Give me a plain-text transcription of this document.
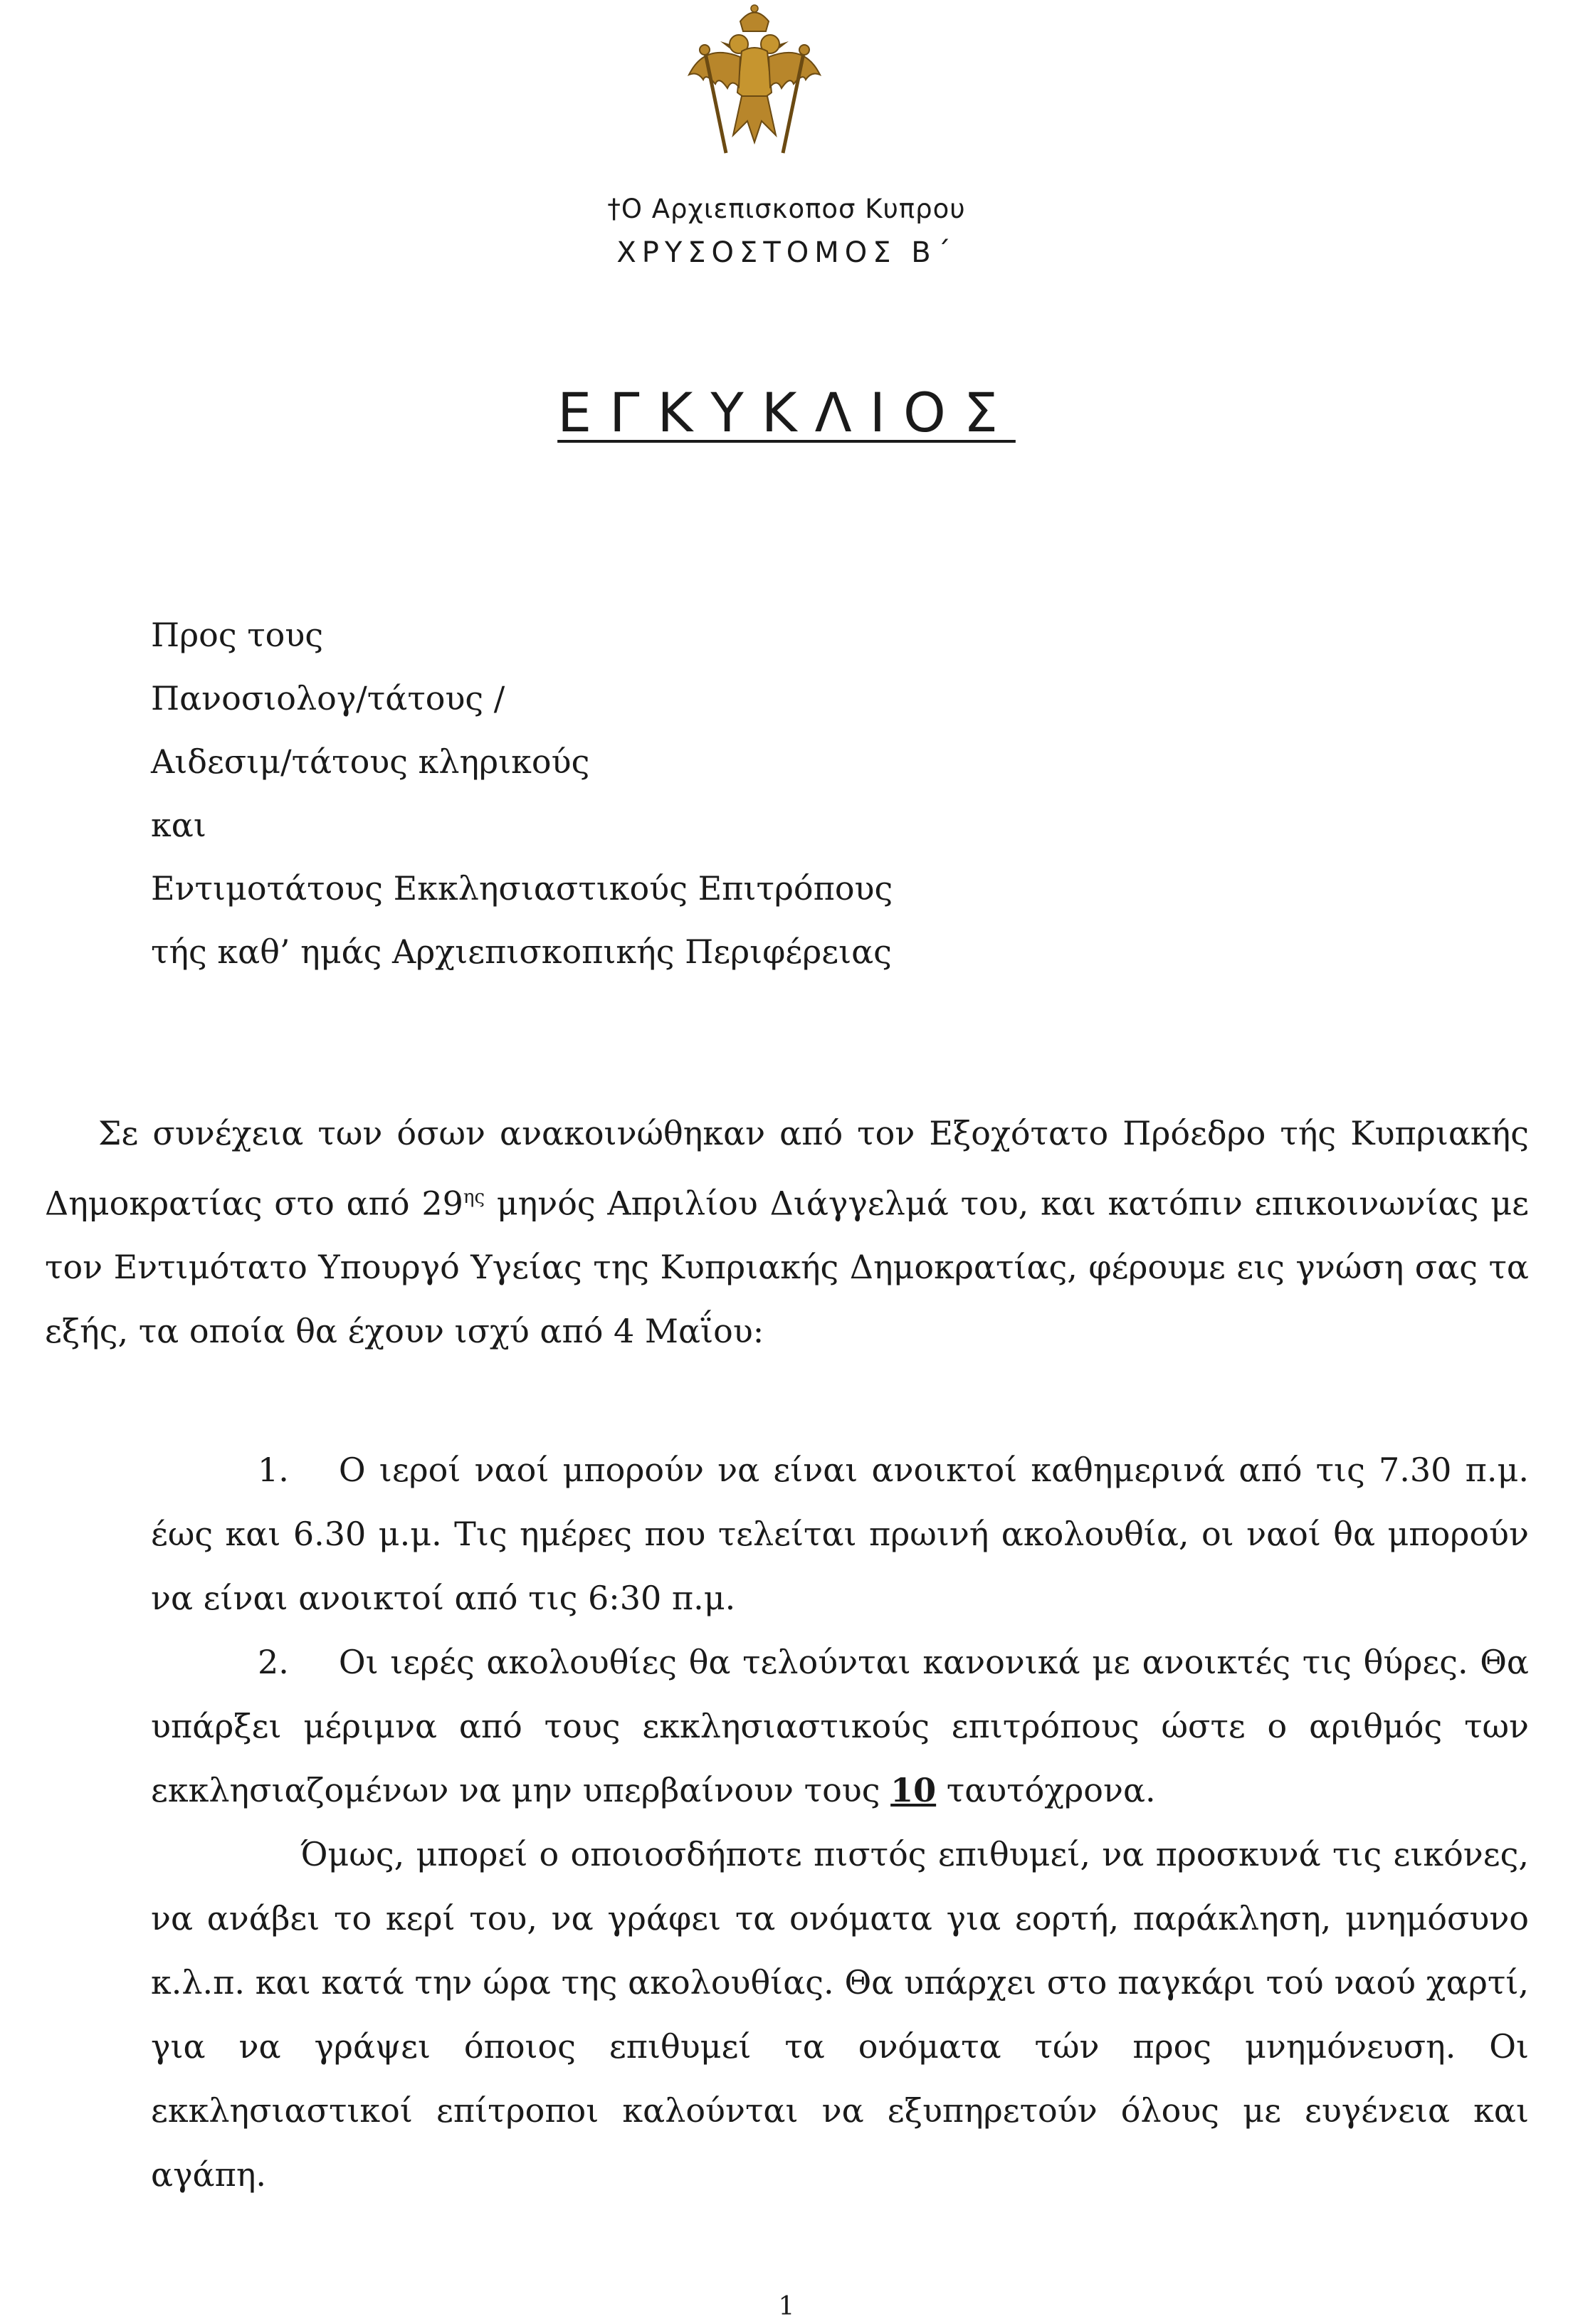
†Ο Αρχιεπισκοποσ Κυπρου
ΧΡΥΣΟΣΤΟΜΟΣ Β΄
ΕΓΚΥΚΛΙΟΣ
Προς τους
Πανοσιολογ/τάτους /
Αιδεσιμ/τάτους κληρικούς
και
Εντιμοτάτους Εκκλησιαστικούς Επιτρόπους
τής καθ’ ημάς Αρχιεπισκοπικής Περιφέρειας
Σε συνέχεια των όσων ανακοινώθηκαν από τον Εξοχότατο Πρόεδρο τής Κυπριακής Δημοκρατίας στο από $29^{\eta\varsigma}$ μηνός Απριλίου Διάγγελμά του, και κατόπιν επικοινωνίας με τον Εντιμότατο Υπουργό Υγείας της Κυπριακής Δημοκρατίας, φέρουμε εις γνώση σας τα εξής, τα οποία θα έχουν ισχύ από 4 Μαΐου:
1. Ο ιεροί ναοί μπορούν να είναι ανοικτοί καθημερινά από τις 7.30 π.μ. έως και 6.30 μ.μ. Τις ημέρες που τελείται πρωινή ακολουθία, οι ναοί θα μπορούν να είναι ανοικτοί από τις 6:30 π.μ.
2. Οι ιερές ακολουθίες θα τελούνται κανονικά με ανοικτές τις θύρες. Θα υπάρξει μέριμνα από τους εκκλησιαστικούς επιτρόπους ώστε ο αριθμός των εκκλησιαζομένων να μην υπερβαίνουν τους 10 ταυτόχρονα.
Όμως, μπορεί ο οποιοσδήποτε πιστός επιθυμεί, να προσκυνά τις εικόνες, να ανάβει το κερί του, να γράφει τα ονόματα για εορτή, παράκληση, μνημόσυνο κ.λ.π. και κατά την ώρα της ακολουθίας. Θα υπάρχει στο παγκάρι τού ναού χαρτί, για να γράψει όποιος επιθυμεί τα ονόματα τών προς μνημόνευση. Οι εκκλησιαστικοί επίτροποι καλούνται να εξυπηρετούν όλους με ευγένεια και αγάπη.
1
